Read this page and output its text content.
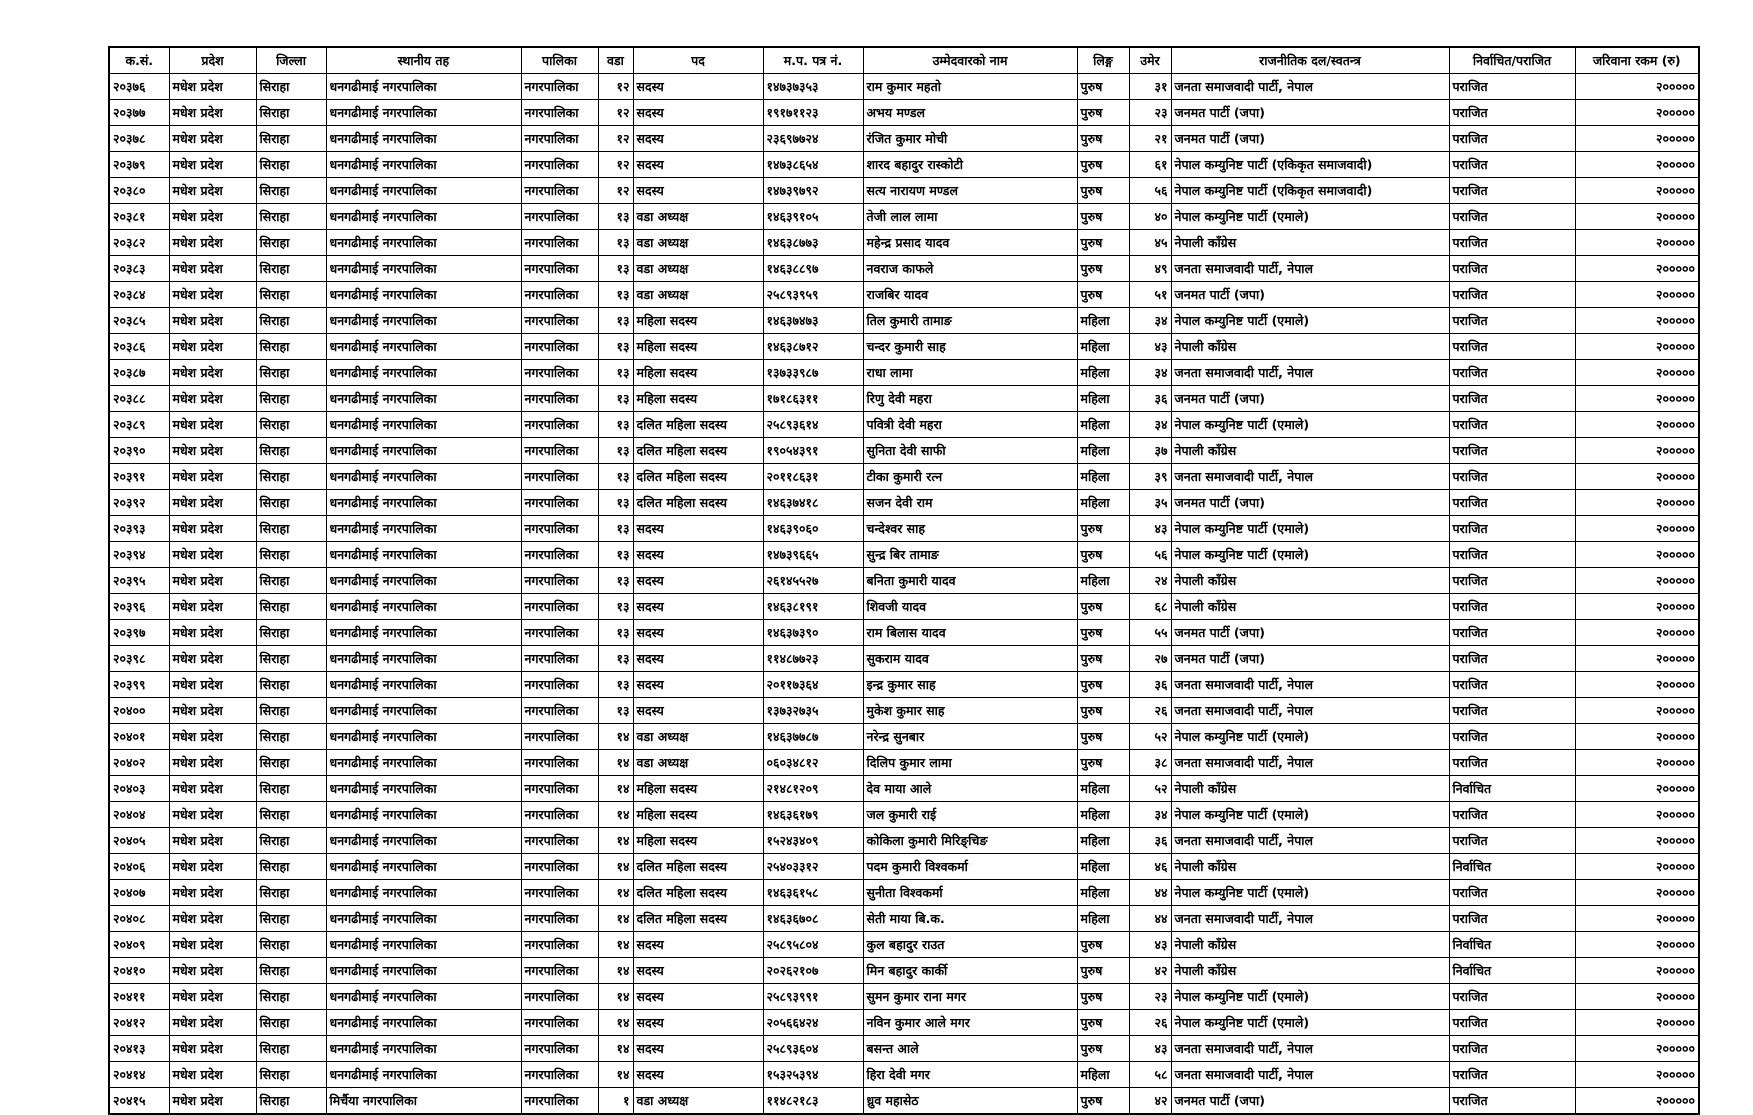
क.सं.	प्रदेश	जिल्ला	स्थानीय तह	पालिका	वडा	पद	म.प. पत्र नं.	उम्मेदवारको नाम	लिङ्ग	उमेर	राजनीतिक दल/स्वतन्त्र	निर्वाचित/पराजित	जरिवाना रकम (रु)
२०३७६	मधेश प्रदेश	सिराहा	धनगढीमाई नगरपालिका	नगरपालिका	१२	सदस्य	१४७३७३५३	राम कुमार महतो	पुरुष	३१	जनता समाजवादी पार्टी, नेपाल	पराजित	२०००००
२०३७७	मधेश प्रदेश	सिराहा	धनगढीमाई नगरपालिका	नगरपालिका	१२	सदस्य	१९१७११२३	अभय मण्डल	पुरुष	२३	जनमत पार्टी (जपा)	पराजित	२०००००
२०३७८	मधेश प्रदेश	सिराहा	धनगढीमाई नगरपालिका	नगरपालिका	१२	सदस्य	२३६९७७२४	रंजित कुमार मोची	पुरुष	२१	जनमत पार्टी (जपा)	पराजित	२०००००
२०३७९	मधेश प्रदेश	सिराहा	धनगढीमाई नगरपालिका	नगरपालिका	१२	सदस्य	१४७३८६५४	शारद बहादुर रास्कोटी	पुरुष	६१	नेपाल कम्युनिष्ट पार्टी (एकिकृत समाजवादी)	पराजित	२०००००
२०३८०	मधेश प्रदेश	सिराहा	धनगढीमाई नगरपालिका	नगरपालिका	१२	सदस्य	१४७३९७९२	सत्य नारायण मण्डल	पुरुष	५६	नेपाल कम्युनिष्ट पार्टी (एकिकृत समाजवादी)	पराजित	२०००००
२०३८१	मधेश प्रदेश	सिराहा	धनगढीमाई नगरपालिका	नगरपालिका	१३	वडा अध्यक्ष	१४६३९१०५	तेजी लाल लामा	पुरुष	४०	नेपाल कम्युनिष्ट पार्टी (एमाले)	पराजित	२०००००
२०३८२	मधेश प्रदेश	सिराहा	धनगढीमाई नगरपालिका	नगरपालिका	१३	वडा अध्यक्ष	१४६३८७७३	महेन्द्र प्रसाद यादव	पुरुष	४५	नेपाली काँग्रेस	पराजित	२०००००
२०३८३	मधेश प्रदेश	सिराहा	धनगढीमाई नगरपालिका	नगरपालिका	१३	वडा अध्यक्ष	१४६३८८९७	नवराज काफले	पुरुष	४९	जनता समाजवादी पार्टी, नेपाल	पराजित	२०००००
२०३८४	मधेश प्रदेश	सिराहा	धनगढीमाई नगरपालिका	नगरपालिका	१३	वडा अध्यक्ष	२५८९३९५९	राजबिर यादव	पुरुष	५१	जनमत पार्टी (जपा)	पराजित	२०००००
२०३८५	मधेश प्रदेश	सिराहा	धनगढीमाई नगरपालिका	नगरपालिका	१३	महिला सदस्य	१४६३७४७३	तिल कुमारी तामाङ	महिला	३४	नेपाल कम्युनिष्ट पार्टी (एमाले)	पराजित	२०००००
२०३८६	मधेश प्रदेश	सिराहा	धनगढीमाई नगरपालिका	नगरपालिका	१३	महिला सदस्य	१४६३८७१२	चन्दर कुमारी साह	महिला	४३	नेपाली काँग्रेस	पराजित	२०००००
२०३८७	मधेश प्रदेश	सिराहा	धनगढीमाई नगरपालिका	नगरपालिका	१३	महिला सदस्य	१३७३३९८७	राधा लामा	महिला	३४	जनता समाजवादी पार्टी, नेपाल	पराजित	२०००००
२०३८८	मधेश प्रदेश	सिराहा	धनगढीमाई नगरपालिका	नगरपालिका	१३	महिला सदस्य	१७१८६३११	रिणु देवी महरा	महिला	३६	जनमत पार्टी (जपा)	पराजित	२०००००
२०३८९	मधेश प्रदेश	सिराहा	धनगढीमाई नगरपालिका	नगरपालिका	१३	दलित महिला सदस्य	२५८९३६१४	पवित्री देवी महरा	महिला	३४	नेपाल कम्युनिष्ट पार्टी (एमाले)	पराजित	२०००००
२०३९०	मधेश प्रदेश	सिराहा	धनगढीमाई नगरपालिका	नगरपालिका	१३	दलित महिला सदस्य	१९०५४३९१	सुनिता देवी साफी	महिला	३७	नेपाली काँग्रेस	पराजित	२०००००
२०३९१	मधेश प्रदेश	सिराहा	धनगढीमाई नगरपालिका	नगरपालिका	१३	दलित महिला सदस्य	२०११८६३१	टीका कुमारी रत्न	महिला	३९	जनता समाजवादी पार्टी, नेपाल	पराजित	२०००००
२०३९२	मधेश प्रदेश	सिराहा	धनगढीमाई नगरपालिका	नगरपालिका	१३	दलित महिला सदस्य	१४६३७४१८	सजन देवी राम	महिला	३५	जनमत पार्टी (जपा)	पराजित	२०००००
२०३९३	मधेश प्रदेश	सिराहा	धनगढीमाई नगरपालिका	नगरपालिका	१३	सदस्य	१४६३९०६०	चन्देश्वर साह	पुरुष	४३	नेपाल कम्युनिष्ट पार्टी (एमाले)	पराजित	२०००००
२०३९४	मधेश प्रदेश	सिराहा	धनगढीमाई नगरपालिका	नगरपालिका	१३	सदस्य	१४७३९६६५	सुन्द्र बिर तामाङ	पुरुष	५६	नेपाल कम्युनिष्ट पार्टी (एमाले)	पराजित	२०००००
२०३९५	मधेश प्रदेश	सिराहा	धनगढीमाई नगरपालिका	नगरपालिका	१३	सदस्य	२६१४५५२७	बनिता कुमारी यादव	महिला	२४	नेपाली काँग्रेस	पराजित	२०००००
२०३९६	मधेश प्रदेश	सिराहा	धनगढीमाई नगरपालिका	नगरपालिका	१३	सदस्य	१४६३८१९१	शिवजी यादव	पुरुष	६८	नेपाली काँग्रेस	पराजित	२०००००
२०३९७	मधेश प्रदेश	सिराहा	धनगढीमाई नगरपालिका	नगरपालिका	१३	सदस्य	१४६३७३९०	राम बिलास यादव	पुरुष	५५	जनमत पार्टी (जपा)	पराजित	२०००००
२०३९८	मधेश प्रदेश	सिराहा	धनगढीमाई नगरपालिका	नगरपालिका	१३	सदस्य	११४८७७२३	सुकराम यादव	पुरुष	२७	जनमत पार्टी (जपा)	पराजित	२०००००
२०३९९	मधेश प्रदेश	सिराहा	धनगढीमाई नगरपालिका	नगरपालिका	१३	सदस्य	२०११७३६४	इन्द्र कुमार साह	पुरुष	३६	जनता समाजवादी पार्टी, नेपाल	पराजित	२०००००
२०४००	मधेश प्रदेश	सिराहा	धनगढीमाई नगरपालिका	नगरपालिका	१३	सदस्य	१३७३२७३५	मुकेश कुमार साह	पुरुष	२६	जनता समाजवादी पार्टी, नेपाल	पराजित	२०००००
२०४०१	मधेश प्रदेश	सिराहा	धनगढीमाई नगरपालिका	नगरपालिका	१४	वडा अध्यक्ष	१४६३७७८७	नरेन्द्र सुनबार	पुरुष	५२	नेपाल कम्युनिष्ट पार्टी (एमाले)	पराजित	२०००००
२०४०२	मधेश प्रदेश	सिराहा	धनगढीमाई नगरपालिका	नगरपालिका	१४	वडा अध्यक्ष	०६०३४८१२	दिलिप कुमार लामा	पुरुष	३८	जनता समाजवादी पार्टी, नेपाल	पराजित	२०००००
२०४०३	मधेश प्रदेश	सिराहा	धनगढीमाई नगरपालिका	नगरपालिका	१४	महिला सदस्य	२१४८१२०९	देव माया आले	महिला	५२	नेपाली काँग्रेस	निर्वाचित	२०००००
२०४०४	मधेश प्रदेश	सिराहा	धनगढीमाई नगरपालिका	नगरपालिका	१४	महिला सदस्य	१४६३६१७९	जल कुमारी राई	महिला	३४	नेपाल कम्युनिष्ट पार्टी (एमाले)	पराजित	२०००००
२०४०५	मधेश प्रदेश	सिराहा	धनगढीमाई नगरपालिका	नगरपालिका	१४	महिला सदस्य	१५२४३४०९	कोकिला कुमारी मिरिङ्चिङ	महिला	३६	जनता समाजवादी पार्टी, नेपाल	पराजित	२०००००
२०४०६	मधेश प्रदेश	सिराहा	धनगढीमाई नगरपालिका	नगरपालिका	१४	दलित महिला सदस्य	२५४०३३१२	पदम कुमारी विश्वकर्मा	महिला	४६	नेपाली काँग्रेस	निर्वाचित	२०००००
२०४०७	मधेश प्रदेश	सिराहा	धनगढीमाई नगरपालिका	नगरपालिका	१४	दलित महिला सदस्य	१४६३६१५८	सुनीता विश्वकर्मा	महिला	४४	नेपाल कम्युनिष्ट पार्टी (एमाले)	पराजित	२०००००
२०४०८	मधेश प्रदेश	सिराहा	धनगढीमाई नगरपालिका	नगरपालिका	१४	दलित महिला सदस्य	१४६३६७०८	सेती माया बि.क.	महिला	४४	जनता समाजवादी पार्टी, नेपाल	पराजित	२०००००
२०४०९	मधेश प्रदेश	सिराहा	धनगढीमाई नगरपालिका	नगरपालिका	१४	सदस्य	२५८९५८०४	कुल बहादुर राउत	पुरुष	४३	नेपाली काँग्रेस	निर्वाचित	२०००००
२०४१०	मधेश प्रदेश	सिराहा	धनगढीमाई नगरपालिका	नगरपालिका	१४	सदस्य	२०२६२१०७	मिन बहादुर कार्की	पुरुष	४२	नेपाली काँग्रेस	निर्वाचित	२०००००
२०४११	मधेश प्रदेश	सिराहा	धनगढीमाई नगरपालिका	नगरपालिका	१४	सदस्य	२५८९३९९१	सुमन कुमार राना मगर	पुरुष	२३	नेपाल कम्युनिष्ट पार्टी (एमाले)	पराजित	२०००००
२०४१२	मधेश प्रदेश	सिराहा	धनगढीमाई नगरपालिका	नगरपालिका	१४	सदस्य	२०५६६४२४	नविन कुमार आले मगर	पुरुष	२६	नेपाल कम्युनिष्ट पार्टी (एमाले)	पराजित	२०००००
२०४१३	मधेश प्रदेश	सिराहा	धनगढीमाई नगरपालिका	नगरपालिका	१४	सदस्य	२५८९३६०४	बसन्त आले	पुरुष	४३	जनता समाजवादी पार्टी, नेपाल	पराजित	२०००००
२०४१४	मधेश प्रदेश	सिराहा	धनगढीमाई नगरपालिका	नगरपालिका	१४	सदस्य	१५३२५३९४	हिरा देवी मगर	महिला	५८	जनता समाजवादी पार्टी, नेपाल	पराजित	२०००००
२०४१५	मधेश प्रदेश	सिराहा	मिर्चैया नगरपालिका	नगरपालिका	१	वडा अध्यक्ष	११४८२१८३	ध्रुव महासेठ	पुरुष	४२	जनमत पार्टी (जपा)	पराजित	२०००००
